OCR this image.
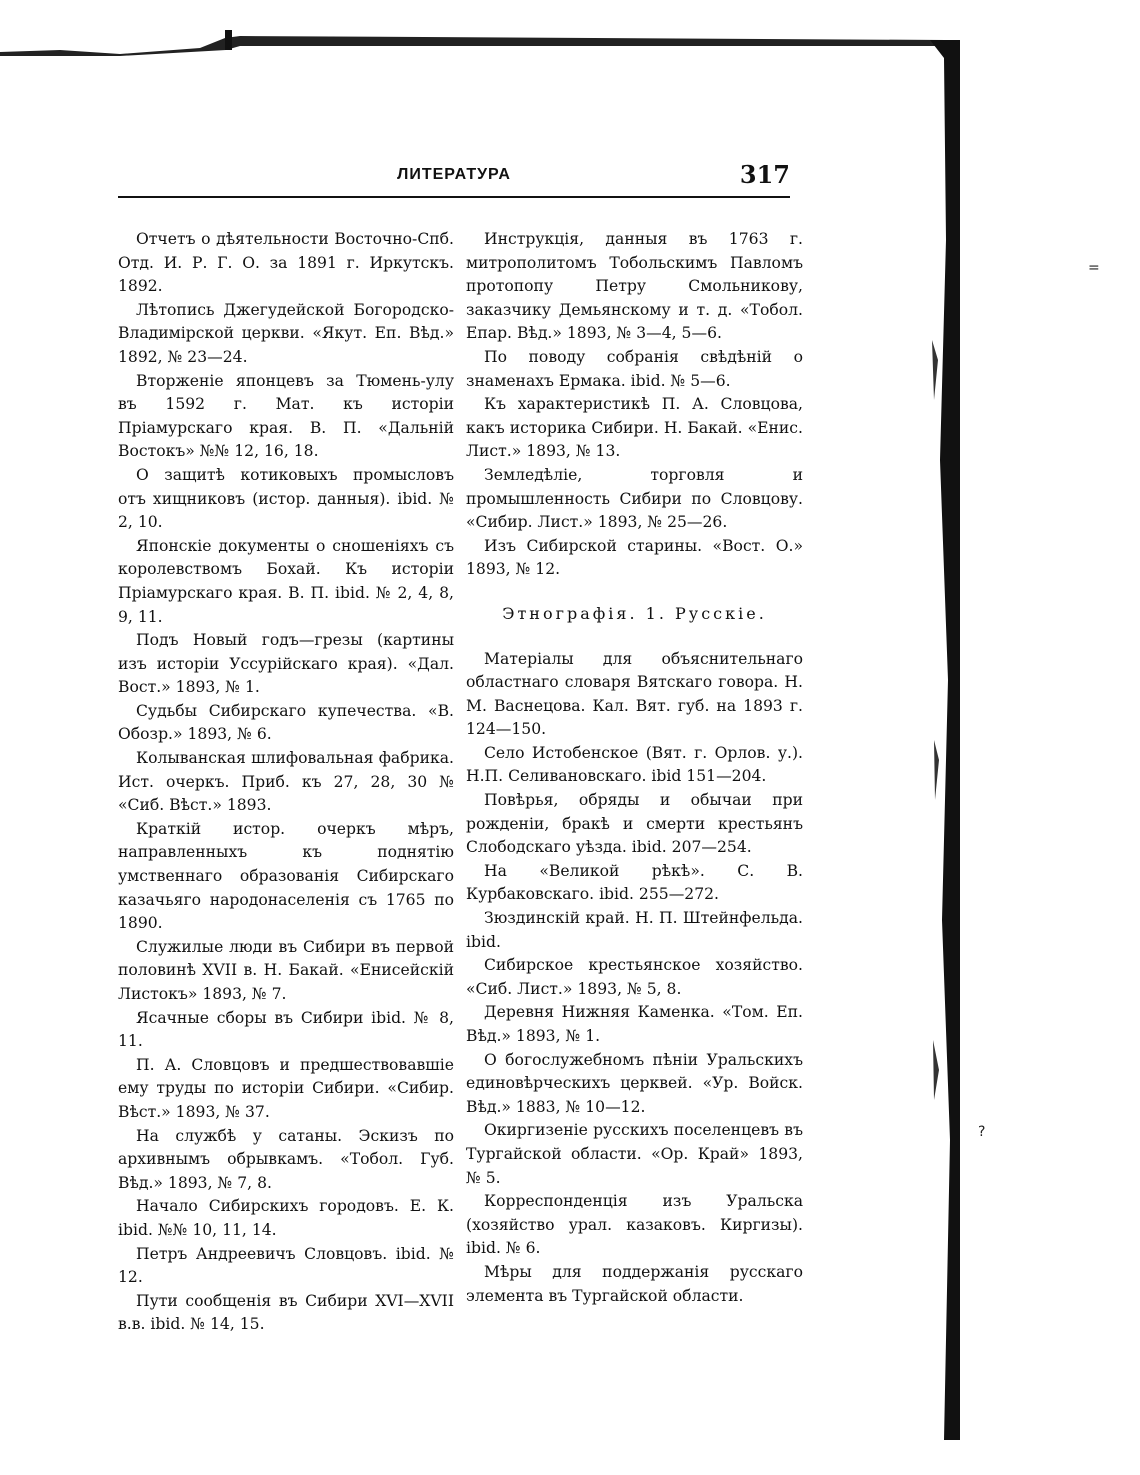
=
?
ЛИТЕРАТУРА	317

Отчетъ о дѣятельности Восточно-Спб. Отд. И. Р. Г. О. за 1891 г. Иркутскъ. 1892.

Лѣтопись Джегудейской Богородско-Владимірской церкви. «Якут. Еп. Вѣд.» 1892, № 23—24.

Вторженіе японцевъ за Тюмень-улу въ 1592 г. Мат. къ исторіи Пріамурскаго края. В. П. «Дальній Востокъ» №№ 12, 16, 18.

О защитѣ котиковыхъ промысловъ отъ хищниковъ (истор. данныя). ibid. № 2, 10.

Японскіе документы о сношеніяхъ съ королевствомъ Бохай. Къ исторіи Пріамурскаго края. В. П. ibid. № 2, 4, 8, 9, 11.

Подъ Новый годъ—грезы (картины изъ исторіи Уссурійскаго края). «Дал. Вост.» 1893, № 1.

Судьбы Сибирскаго купечества. «В. Обозр.» 1893, № 6.

Колыванская шлифовальная фабрика. Ист. очеркъ. Приб. къ 27, 28, 30 № «Сиб. Вѣст.» 1893.

Краткій истор. очеркъ мѣръ, направленныхъ къ поднятію умственнаго образованія Сибирскаго казачьяго народонаселенія съ 1765 по 1890.

Служилые люди въ Сибири въ первой половинѣ XVII в. Н. Бакай. «Енисейскій Листокъ» 1893, № 7.

Ясачные сборы въ Сибири ibid. № 8, 11.

П. А. Словцовъ и предшествовавшіе ему труды по исторіи Сибири. «Сибир. Вѣст.» 1893, № 37.

На службѣ у сатаны. Эскизъ по архивнымъ обрывкамъ. «Тобол. Губ. Вѣд.» 1893, № 7, 8.

Начало Сибирскихъ городовъ. Е. К. ibid. №№ 10, 11, 14.

Петръ Андреевичъ Словцовъ. ibid. № 12.

Пути сообщенія въ Сибири XVI—XVII в.в. ibid. № 14, 15.

Инструкція, данныя въ 1763 г. митрополитомъ Тобольскимъ Павломъ протопопу Петру Смольникову, заказчику Демьянскому и т. д. «Тобол. Епар. Вѣд.» 1893, № 3—4, 5—6.

По поводу собранія свѣдѣній о знаменахъ Ермака. ibid. № 5—6.

Къ характеристикѣ П. А. Словцова, какъ историка Сибири. Н. Бакай. «Енис. Лист.» 1893, № 13.

Земледѣліе, торговля и промышленность Сибири по Словцову. «Сибир. Лист.» 1893, № 25—26.

Изъ Сибирской старины. «Вост. О.» 1893, № 12.

Этнографія. 1. Русскіе.

Матеріалы для объяснительнаго областнаго словаря Вятскаго говора. Н. М. Васнецова. Кал. Вят. губ. на 1893 г. 124—150.

Село Истобенское (Вят. г. Орлов. у.). Н.П. Селивановскаго. ibid 151—204.

Повѣрья, обряды и обычаи при рожденіи, бракѣ и смерти крестьянъ Слободскаго уѣзда. ibid. 207—254.

На «Великой рѣкѣ». С. В. Курбаковскаго. ibid. 255—272.

Зюздинскій край. Н. П. Штейнфельда. ibid.

Сибирское крестьянское хозяйство. «Сиб. Лист.» 1893, № 5, 8.

Деревня Нижняя Каменка. «Том. Еп. Вѣд.» 1893, № 1.

О богослужебномъ пѣніи Уральскихъ единовѣрческихъ церквей. «Ур. Войск. Вѣд.» 1883, № 10—12.

Окиргизеніе русскихъ поселенцевъ въ Тургайской области. «Ор. Край» 1893, № 5.

Корреспонденція изъ Уральска (хозяйство урал. казаковъ. Киргизы). ibid. № 6.

Мѣры для поддержанія русскаго элемента въ Тургайской области.
